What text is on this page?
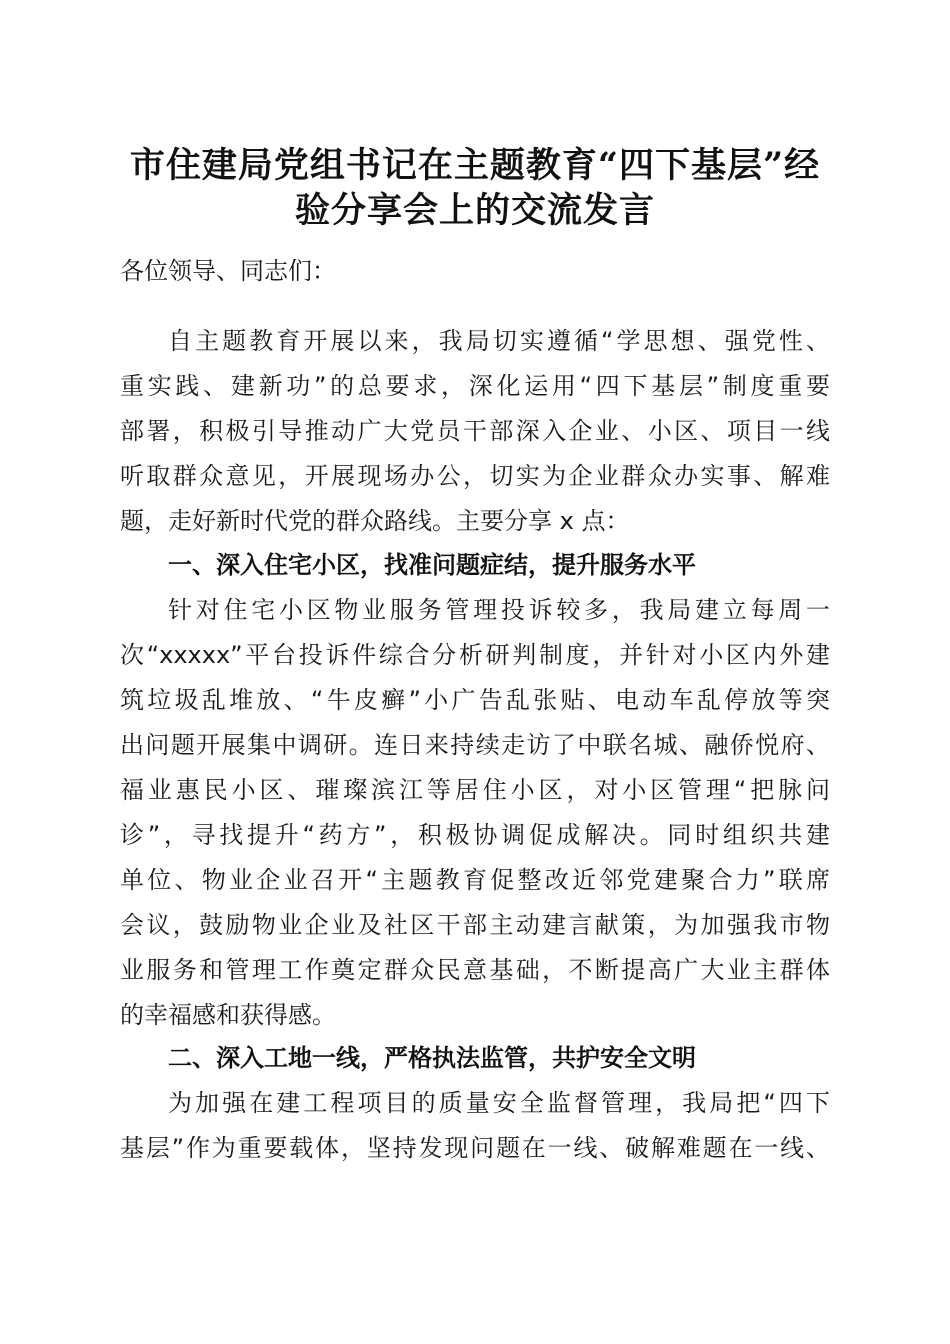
市住建局党组书记在主题教育“四下基层”经
验分享会上的交流发言
各位领导、同志们：
自主题教育开展以来，我局切实遵循“学思想、强党性、
重实践、建新功”的总要求，深化运用“四下基层”制度重要
部署，积极引导推动广大党员干部深入企业、小区、项目一线
听取群众意见，开展现场办公，切实为企业群众办实事、解难
题，走好新时代党的群众路线。主要分享 x 点：
一、深入住宅小区，找准问题症结，提升服务水平
针对住宅小区物业服务管理投诉较多，我局建立每周一
次“xxxxx”平台投诉件综合分析研判制度，并针对小区内外建
筑垃圾乱堆放、“牛皮癣”小广告乱张贴、电动车乱停放等突
出问题开展集中调研。连日来持续走访了中联名城、融侨悦府、
福业惠民小区、璀璨滨江等居住小区，对小区管理“把脉问
诊”，寻找提升“药方”，积极协调促成解决。同时组织共建
单位、物业企业召开“主题教育促整改近邻党建聚合力”联席
会议，鼓励物业企业及社区干部主动建言献策，为加强我市物
业服务和管理工作奠定群众民意基础，不断提高广大业主群体
的幸福感和获得感。
二、深入工地一线，严格执法监管，共护安全文明
为加强在建工程项目的质量安全监督管理，我局把“四下
基层”作为重要载体，坚持发现问题在一线、破解难题在一线、
